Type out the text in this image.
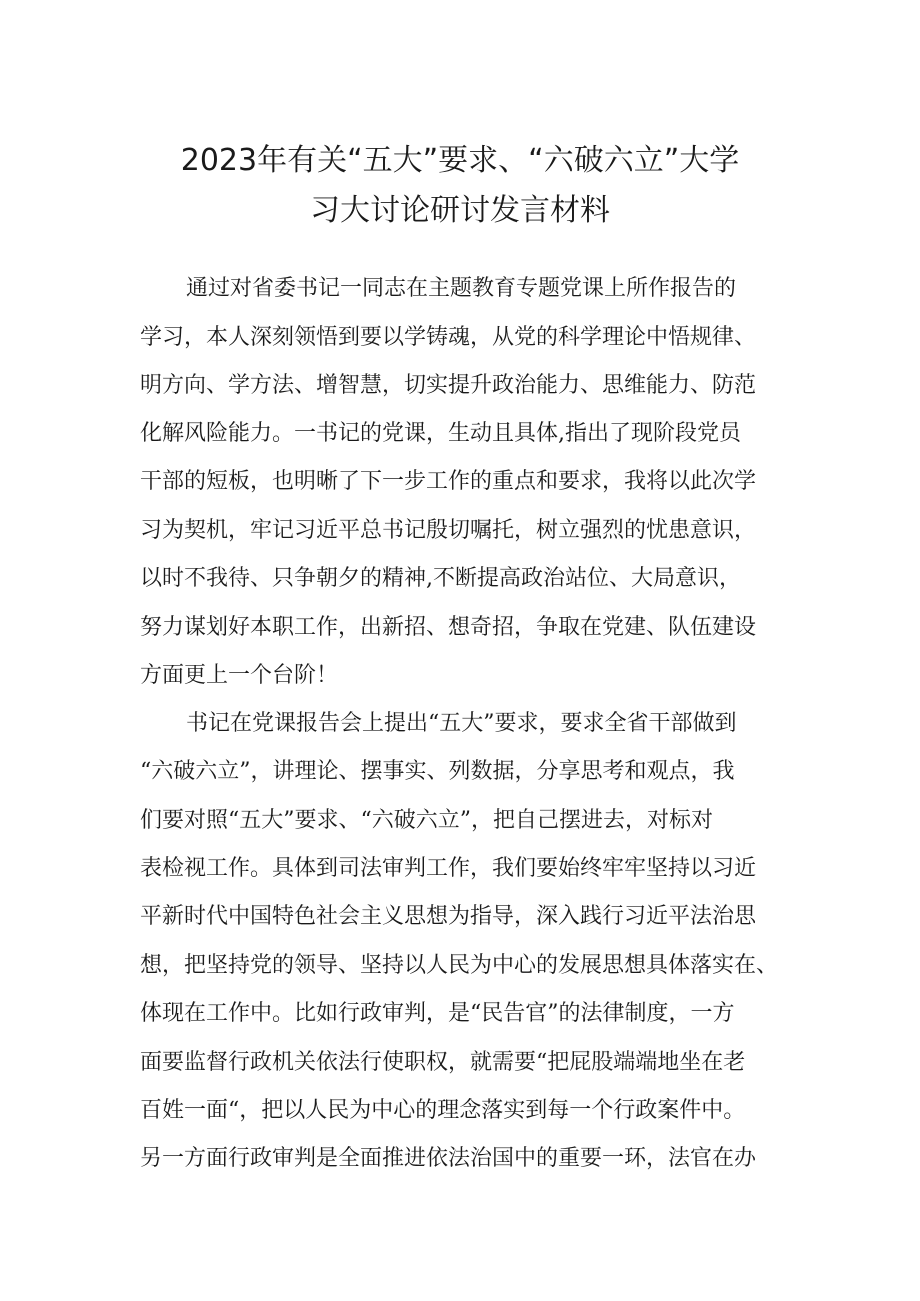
2023年有关“五大”要求、“六破六立”大学
习大讨论研讨发言材料
通过对省委书记一同志在主题教育专题党课上所作报告的
学习，本人深刻领悟到要以学铸魂，从党的科学理论中悟规律、
明方向、学方法、增智慧，切实提升政治能力、思维能力、防范
化解风险能力。一书记的党课，生动且具体,指出了现阶段党员
干部的短板，也明晰了下一步工作的重点和要求，我将以此次学
习为契机，牢记习近平总书记殷切嘱托，树立强烈的忧患意识，
以时不我待、只争朝夕的精神,不断提高政治站位、大局意识，
努力谋划好本职工作，出新招、想奇招，争取在党建、队伍建设
方面更上一个台阶！
书记在党课报告会上提出“五大”要求，要求全省干部做到
“六破六立”，讲理论、摆事实、列数据，分享思考和观点，我
们要对照“五大”要求、“六破六立”，把自己摆进去，对标对
表检视工作。具体到司法审判工作，我们要始终牢牢坚持以习近
平新时代中国特色社会主义思想为指导，深入践行习近平法治思
想，把坚持党的领导、坚持以人民为中心的发展思想具体落实在、
体现在工作中。比如行政审判，是“民告官”的法律制度，一方
面要监督行政机关依法行使职权，就需要“把屁股端端地坐在老
百姓一面“，把以人民为中心的理念落实到每一个行政案件中。
另一方面行政审判是全面推进依法治国中的重要一环，法官在办
